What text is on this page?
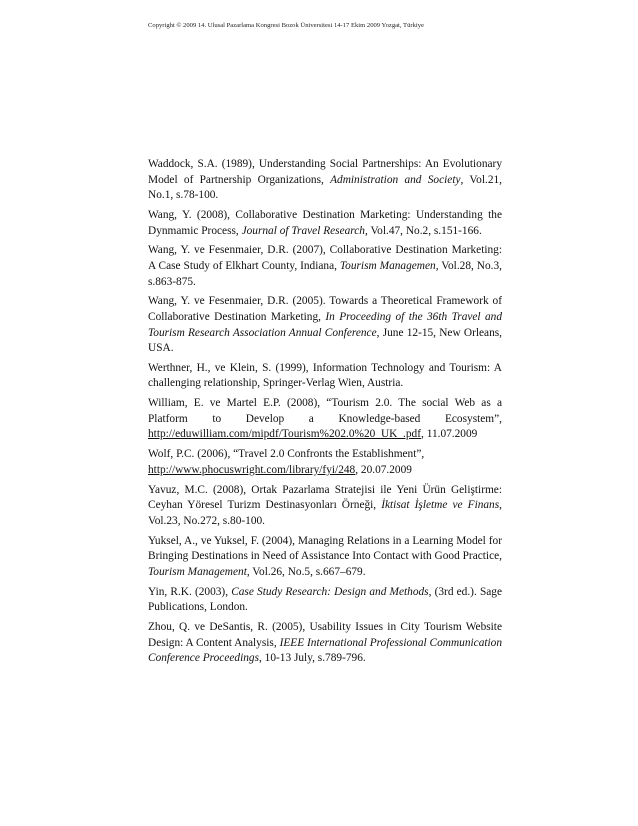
Copyright © 2009 14. Ulusal Pazarlama Kongresi Bozok Üniversitesi 14-17 Ekim 2009 Yozgat, Türkiye

Waddock, S.A. (1989), Understanding Social Partnerships: An Evolutionary Model of Partnership Organizations, Administration and Society, Vol.21, No.1, s.78-100.

Wang, Y. (2008), Collaborative Destination Marketing: Understanding the Dynmamic Process, Journal of Travel Research, Vol.47, No.2, s.151-166.

Wang, Y. ve Fesenmaier, D.R. (2007), Collaborative Destination Marketing: A Case Study of Elkhart County, Indiana, Tourism Managemen, Vol.28, No.3, s.863-875.

Wang, Y. ve Fesenmaier, D.R. (2005). Towards a Theoretical Framework of Collaborative Destination Marketing, In Proceeding of the 36th Travel and Tourism Research Association Annual Conference, June 12-15, New Orleans, USA.

Werthner, H., ve Klein, S. (1999), Information Technology and Tourism: A challenging relationship, Springer-Verlag Wien, Austria.

William, E. ve Martel E.P. (2008), “Tourism 2.0. The social Web as a Platform to Develop a Knowledge-based Ecosystem”,
http://eduwilliam.com/mipdf/Tourism%202.0%20_UK_.pdf, 11.07.2009

Wolf, P.C. (2006), “Travel 2.0 Confronts the Establishment”,
http://www.phocuswright.com/library/fyi/248, 20.07.2009

Yavuz, M.C. (2008), Ortak Pazarlama Stratejisi ile Yeni Ürün Geliştirme: Ceyhan Yöresel Turizm Destinasyonları Örneği, İktisat İşletme ve Finans, Vol.23, No.272, s.80-100.

Yuksel, A., ve Yuksel, F. (2004), Managing Relations in a Learning Model for Bringing Destinations in Need of Assistance Into Contact with Good Practice, Tourism Management, Vol.26, No.5, s.667–679.

Yin, R.K. (2003), Case Study Research: Design and Methods, (3rd ed.). Sage Publications, London.

Zhou, Q. ve DeSantis, R. (2005), Usability Issues in City Tourism Website Design: A Content Analysis, IEEE International Professional Communication Conference Proceedings, 10-13 July, s.789-796.
